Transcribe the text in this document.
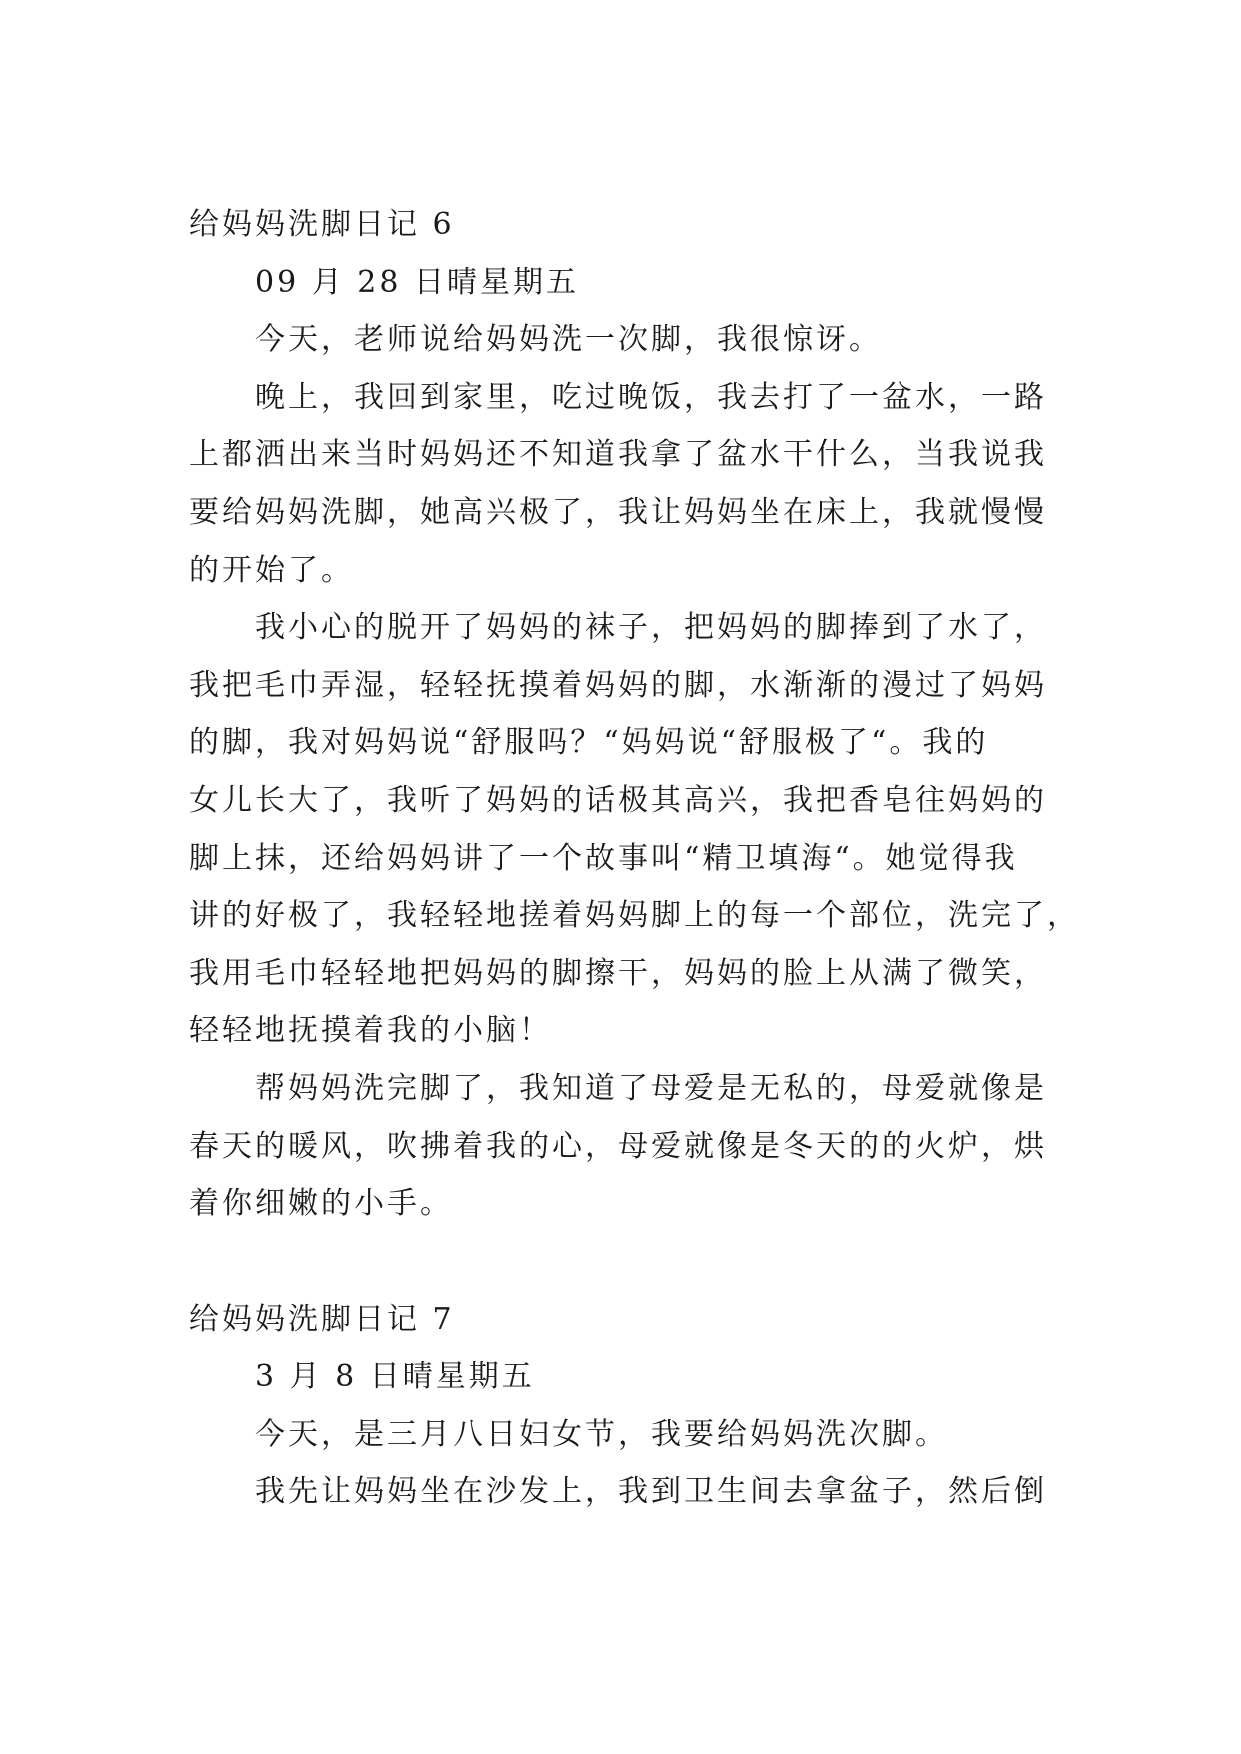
给妈妈洗脚日记 6
09 月 28 日晴星期五
今天，老师说给妈妈洗一次脚，我很惊讶。
晚上，我回到家里，吃过晚饭，我去打了一盆水，一路
上都洒出来当时妈妈还不知道我拿了盆水干什么，当我说我
要给妈妈洗脚，她高兴极了，我让妈妈坐在床上，我就慢慢
的开始了。
我小心的脱开了妈妈的袜子，把妈妈的脚捧到了水了，
我把毛巾弄湿，轻轻抚摸着妈妈的脚，水渐渐的漫过了妈妈
的脚，我对妈妈说“舒服吗？“妈妈说“舒服极了“。我的
女儿长大了，我听了妈妈的话极其高兴，我把香皂往妈妈的
脚上抹，还给妈妈讲了一个故事叫“精卫填海“。她觉得我
讲的好极了，我轻轻地搓着妈妈脚上的每一个部位，洗完了，
我用毛巾轻轻地把妈妈的脚擦干，妈妈的脸上从满了微笑，
轻轻地抚摸着我的小脑！
帮妈妈洗完脚了，我知道了母爱是无私的，母爱就像是
春天的暖风，吹拂着我的心，母爱就像是冬天的的火炉，烘
着你细嫩的小手。
给妈妈洗脚日记 7
3 月 8 日晴星期五
今天，是三月八日妇女节，我要给妈妈洗次脚。
我先让妈妈坐在沙发上，我到卫生间去拿盆子，然后倒
